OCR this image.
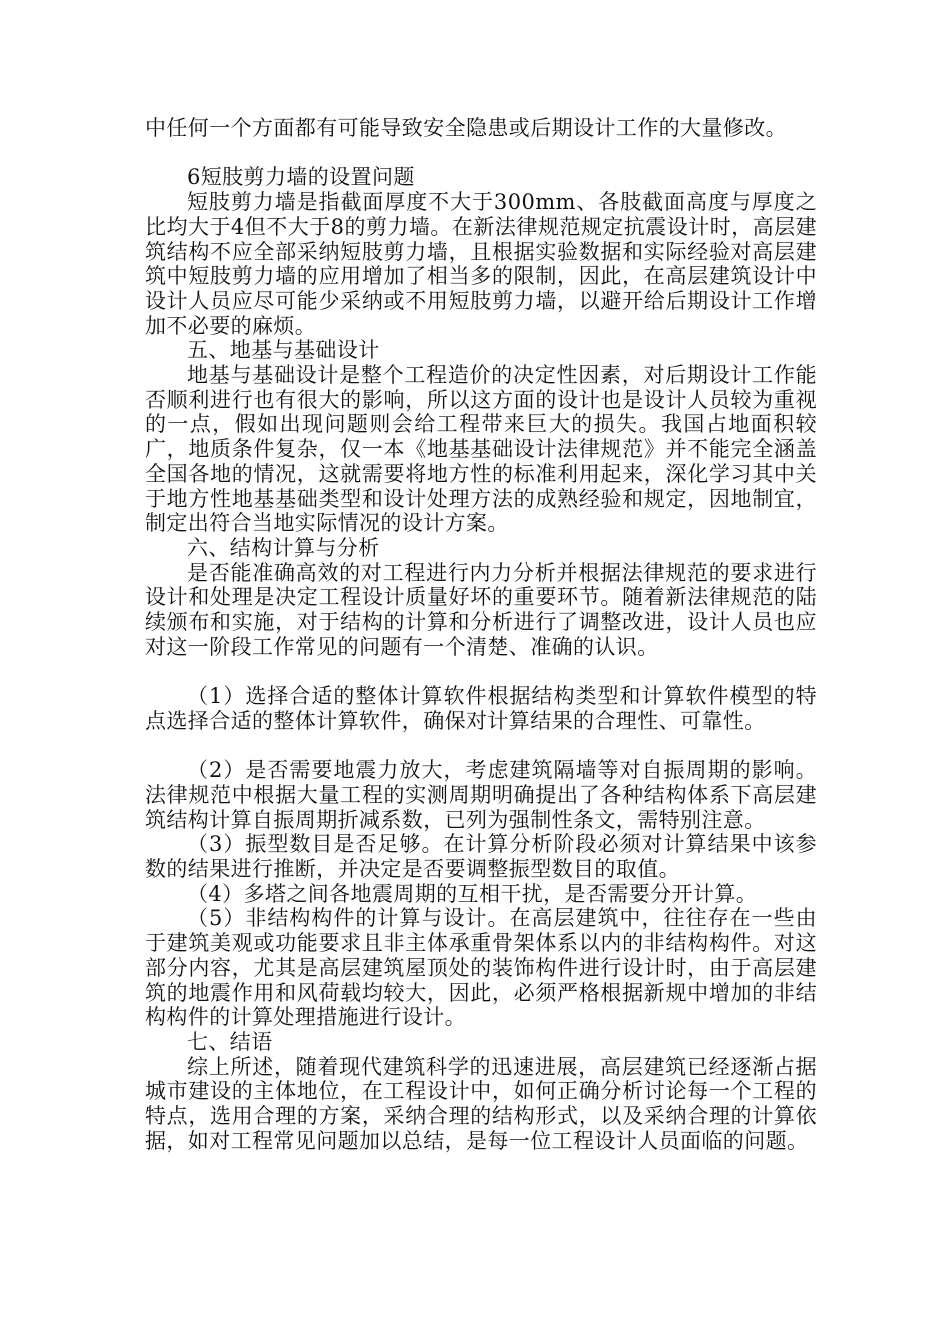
中任何一个方面都有可能导致安全隐患或后期设计工作的大量修改。

6短肢剪力墙的设置问题

短肢剪力墙是指截面厚度不大于300mm、各肢截面高度与厚度之比均大于4但不大于8的剪力墙。在新法律规范规定抗震设计时，高层建筑结构不应全部采纳短肢剪力墙，且根据实验数据和实际经验对高层建筑中短肢剪力墙的应用增加了相当多的限制，因此，在高层建筑设计中设计人员应尽可能少采纳或不用短肢剪力墙，以避开给后期设计工作增加不必要的麻烦。

五、地基与基础设计

地基与基础设计是整个工程造价的决定性因素，对后期设计工作能否顺利进行也有很大的影响，所以这方面的设计也是设计人员较为重视的一点，假如出现问题则会给工程带来巨大的损失。我国占地面积较广，地质条件复杂，仅一本《地基基础设计法律规范》并不能完全涵盖全国各地的情况，这就需要将地方性的标准利用起来，深化学习其中关于地方性地基基础类型和设计处理方法的成熟经验和规定，因地制宜，制定出符合当地实际情况的设计方案。

六、结构计算与分析

是否能准确高效的对工程进行内力分析并根据法律规范的要求进行设计和处理是决定工程设计质量好坏的重要环节。随着新法律规范的陆续颁布和实施，对于结构的计算和分析进行了调整改进，设计人员也应对这一阶段工作常见的问题有一个清楚、准确的认识。

（1）选择合适的整体计算软件根据结构类型和计算软件模型的特点选择合适的整体计算软件，确保对计算结果的合理性、可靠性。

（2）是否需要地震力放大，考虑建筑隔墙等对自振周期的影响。法律规范中根据大量工程的实测周期明确提出了各种结构体系下高层建筑结构计算自振周期折减系数，已列为强制性条文，需特别注意。

（3）振型数目是否足够。在计算分析阶段必须对计算结果中该参数的结果进行推断，并决定是否要调整振型数目的取值。

（4）多塔之间各地震周期的互相干扰，是否需要分开计算。

（5）非结构构件的计算与设计。在高层建筑中，往往存在一些由于建筑美观或功能要求且非主体承重骨架体系以内的非结构构件。对这部分内容，尤其是高层建筑屋顶处的装饰构件进行设计时，由于高层建筑的地震作用和风荷载均较大，因此，必须严格根据新规中增加的非结构构件的计算处理措施进行设计。

七、结语

综上所述，随着现代建筑科学的迅速进展，高层建筑已经逐渐占据城市建设的主体地位，在工程设计中，如何正确分析讨论每一个工程的特点，选用合理的方案，采纳合理的结构形式，以及采纳合理的计算依据，如对工程常见问题加以总结，是每一位工程设计人员面临的问题。
